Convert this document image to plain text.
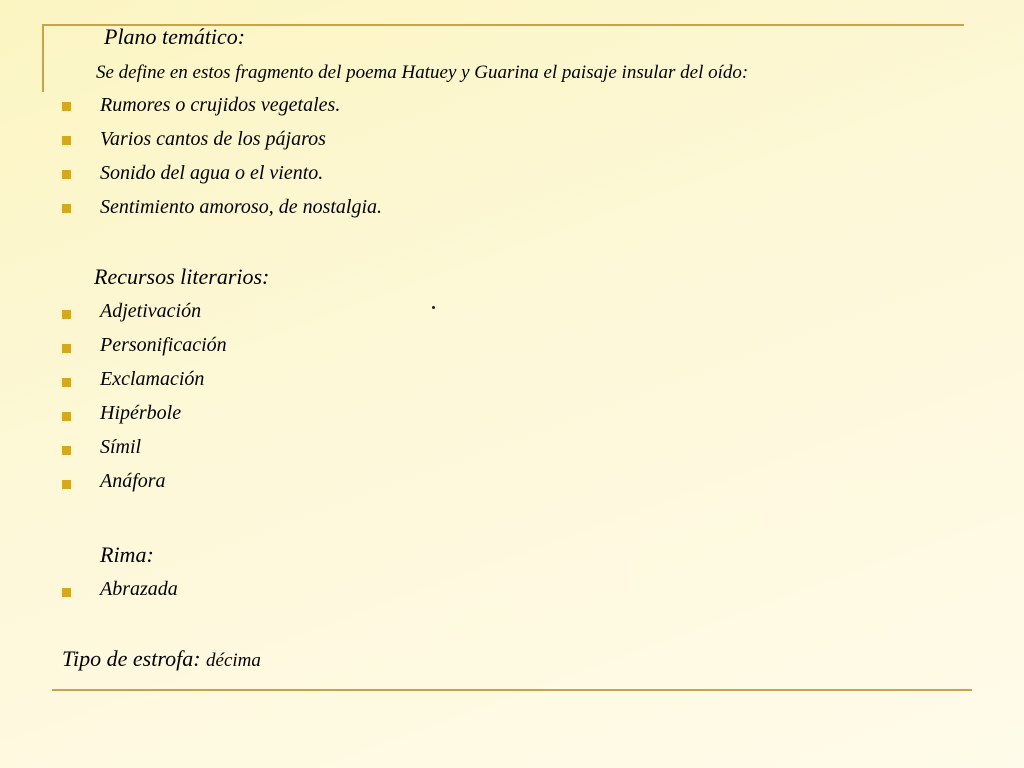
Plano temático:
Se define en estos fragmento del poema Hatuey y Guarina el paisaje insular del oído:
Rumores o crujidos vegetales.
Varios cantos de los pájaros
Sonido del agua o el viento.
Sentimiento amoroso, de nostalgia.
Recursos literarios:
Adjetivación
Personificación
Exclamación
Hipérbole
Símil
Anáfora
Rima:
Abrazada
Tipo de estrofa: décima
